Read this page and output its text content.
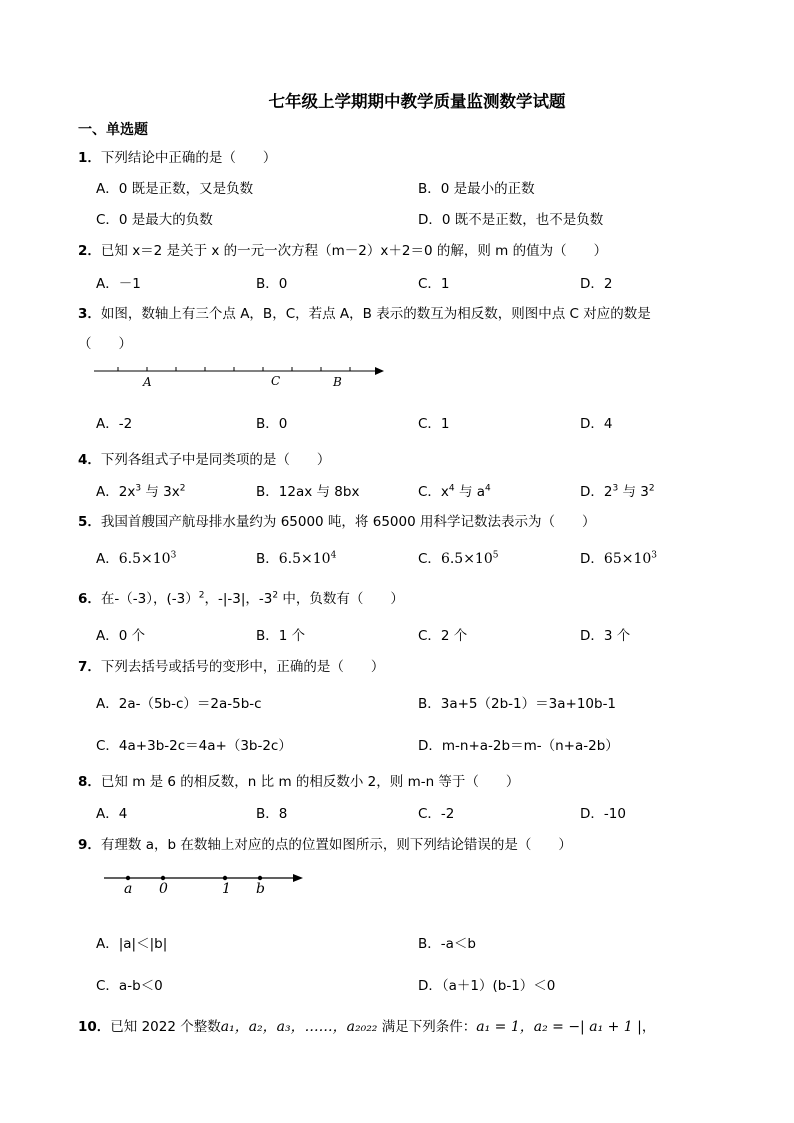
七年级上学期期中教学质量监测数学试题
一、单选题
1．下列结论中正确的是（　　）
A．0 既是正数，又是负数	B．0 是最小的正数
C．0 是最大的负数	D．0 既不是正数，也不是负数
2．已知 x＝2 是关于 x 的一元一次方程（m－2）x＋2＝0 的解，则 m 的值为（　　）
A．－1	B．0	C．1	D．2
3．如图，数轴上有三个点 A，B，C，若点 A，B 表示的数互为相反数，则图中点 C 对应的数是
（　　）
A	C	B
A．-2	B．0	C．1	D．4
4．下列各组式子中是同类项的是（　　）
A．$2x^3$ 与 $3x^2$	B．12ax 与 8bx	C．$x^4$ 与 $a^4$	D．$2^3$ 与 $3^2$
5．我国首艘国产航母排水量约为 65000 吨，将 65000 用科学记数法表示为（　　）
A．$6.5\times 10^3$	B．$6.5\times 10^4$	C．$6.5\times 10^5$	D．$65\times 10^3$
6．在-（-3），(-3）$^2$，-|-3|，$-3^2$ 中，负数有（　　）
A．0 个	B．1 个	C．2 个	D．3 个
7．下列去括号或括号的变形中，正确的是（　　）
A．2a-（5b-c）＝2a-5b-c	B．3a+5（2b-1）＝3a+10b-1
C．4a+3b-2c＝4a+（3b-2c）	D．m-n+a-2b＝m-（n+a-2b）
8．已知 m 是 6 的相反数，n 比 m 的相反数小 2，则 m-n 等于（　　）
A．4	B．8	C．-2	D．-10
9．有理数 a，b 在数轴上对应的点的位置如图所示，则下列结论错误的是（　　）
a 0	1 b
A．|a|＜|b|	B．-a＜b
C．a-b＜0	D．（a＋1）(b-1）＜0
10．已知 2022 个整数a₁，a₂，a₃，……，a₂₀₂₂ 满足下列条件：a₁ = 1，a₂ = −| a₁ + 1 |，
